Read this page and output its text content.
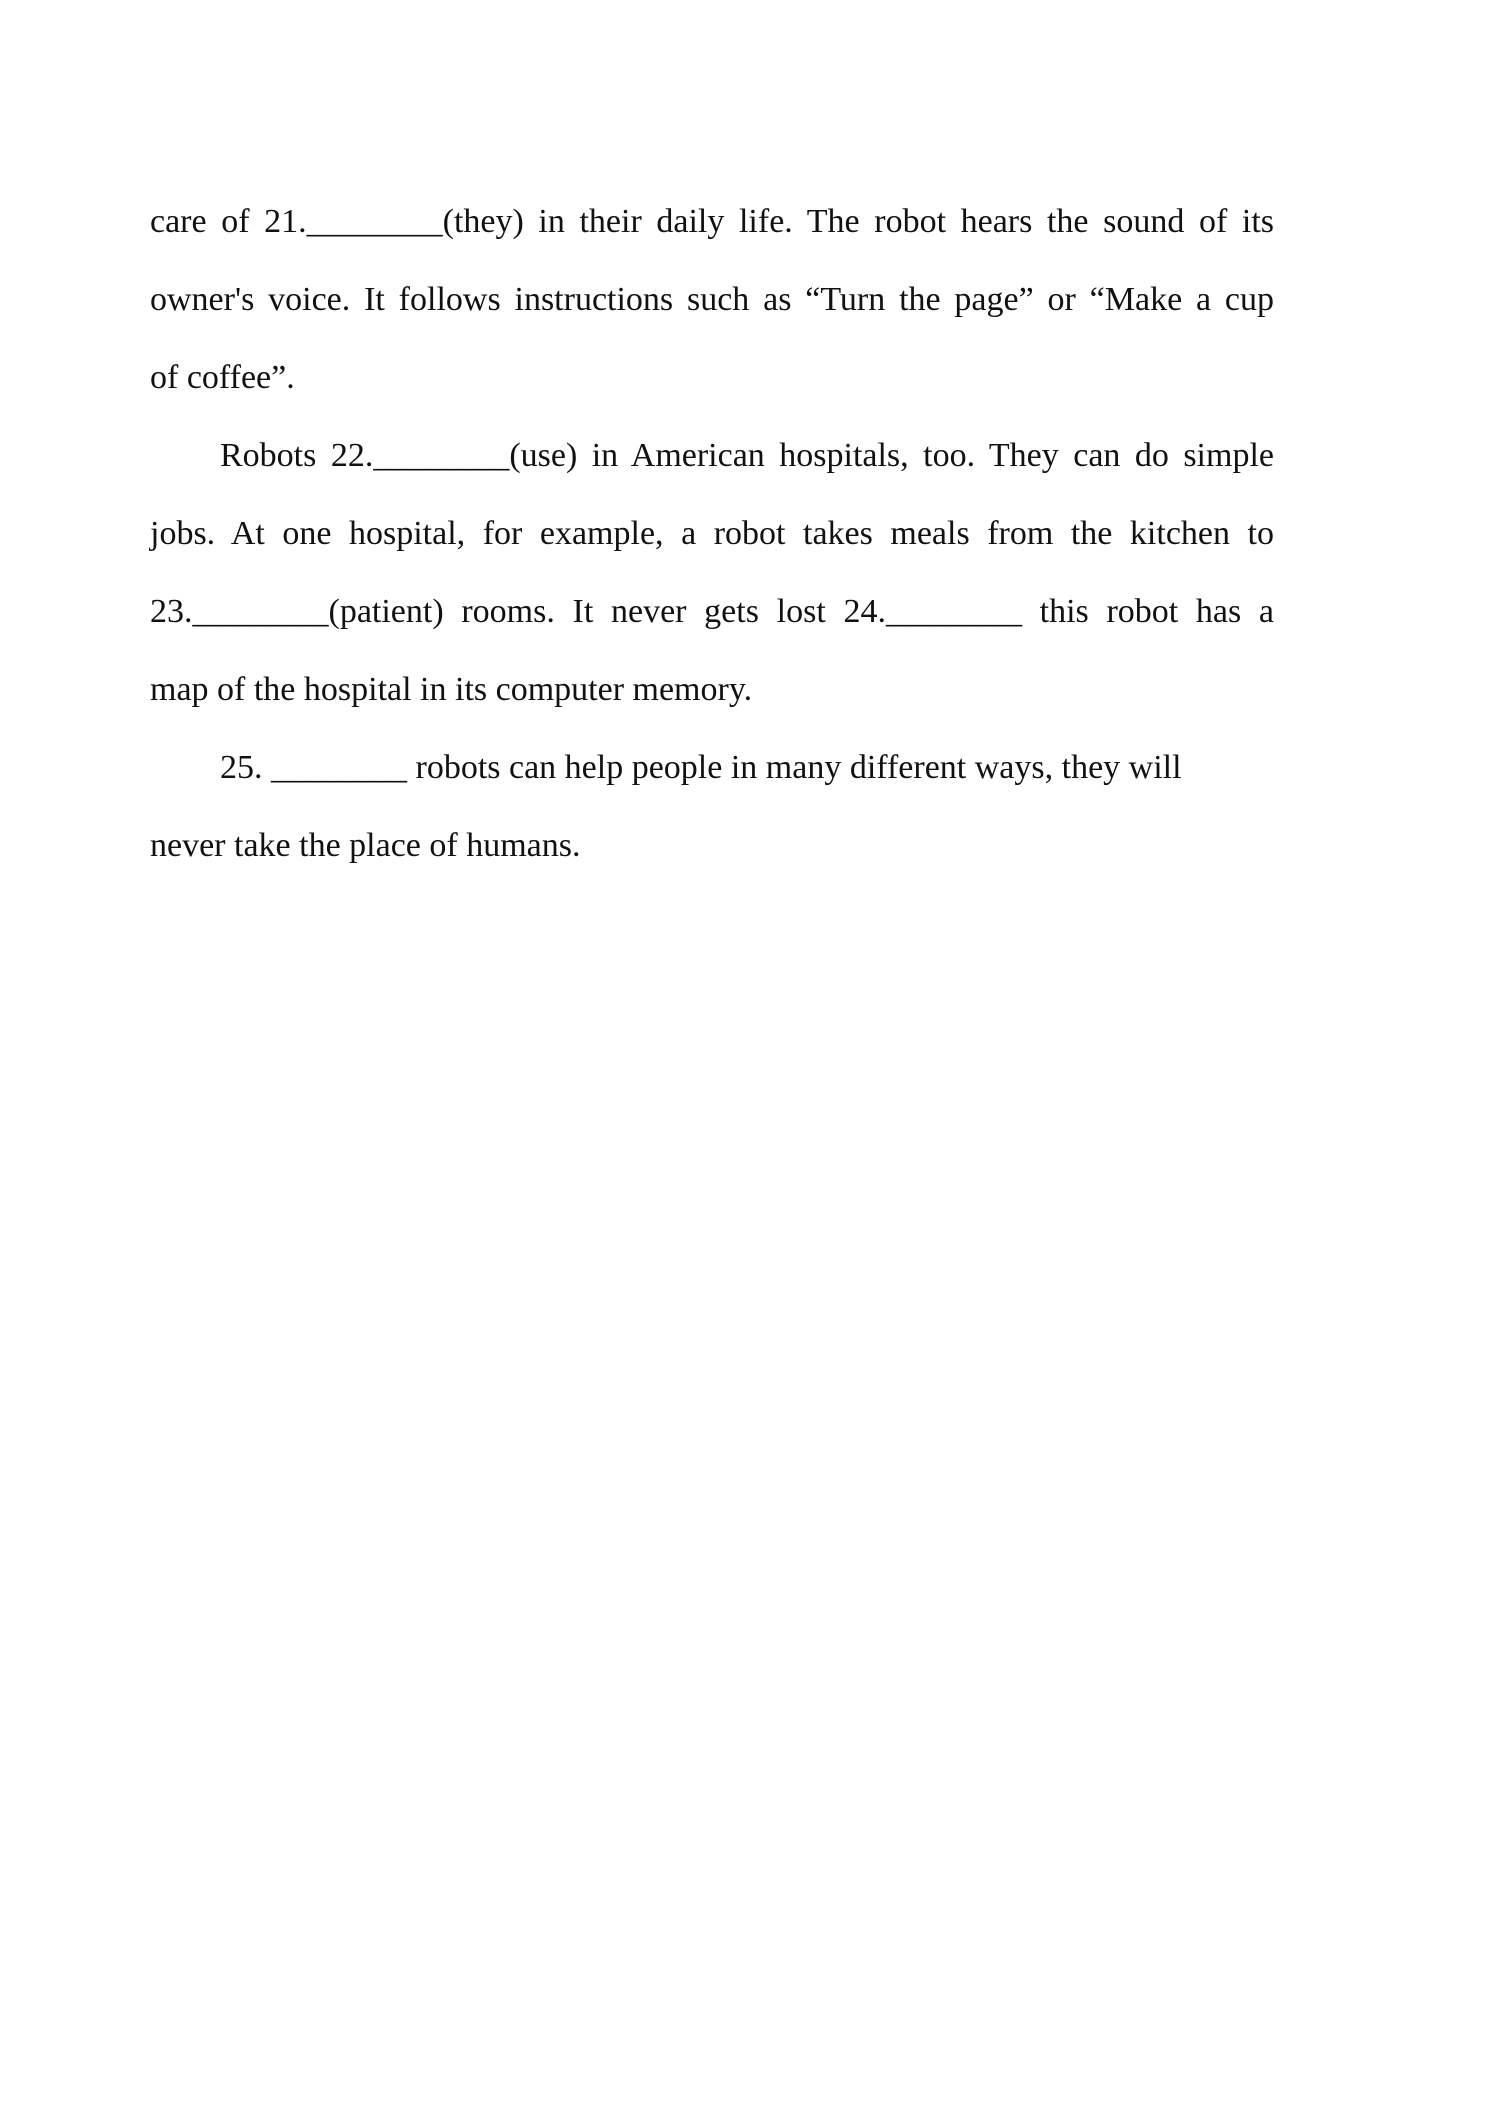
care of 21.________(they) in their daily life. The robot hears the sound of its
owner's voice. It follows instructions such as “Turn the page” or “Make a cup
of coffee”.
Robots 22.________(use) in American hospitals, too. They can do simple
jobs. At one hospital, for example, a robot takes meals from the kitchen to
23.________(patient) rooms. It never gets lost 24.________ this robot has a
map of the hospital in its computer memory.
25. ________ robots can help people in many different ways, they will
never take the place of humans.
